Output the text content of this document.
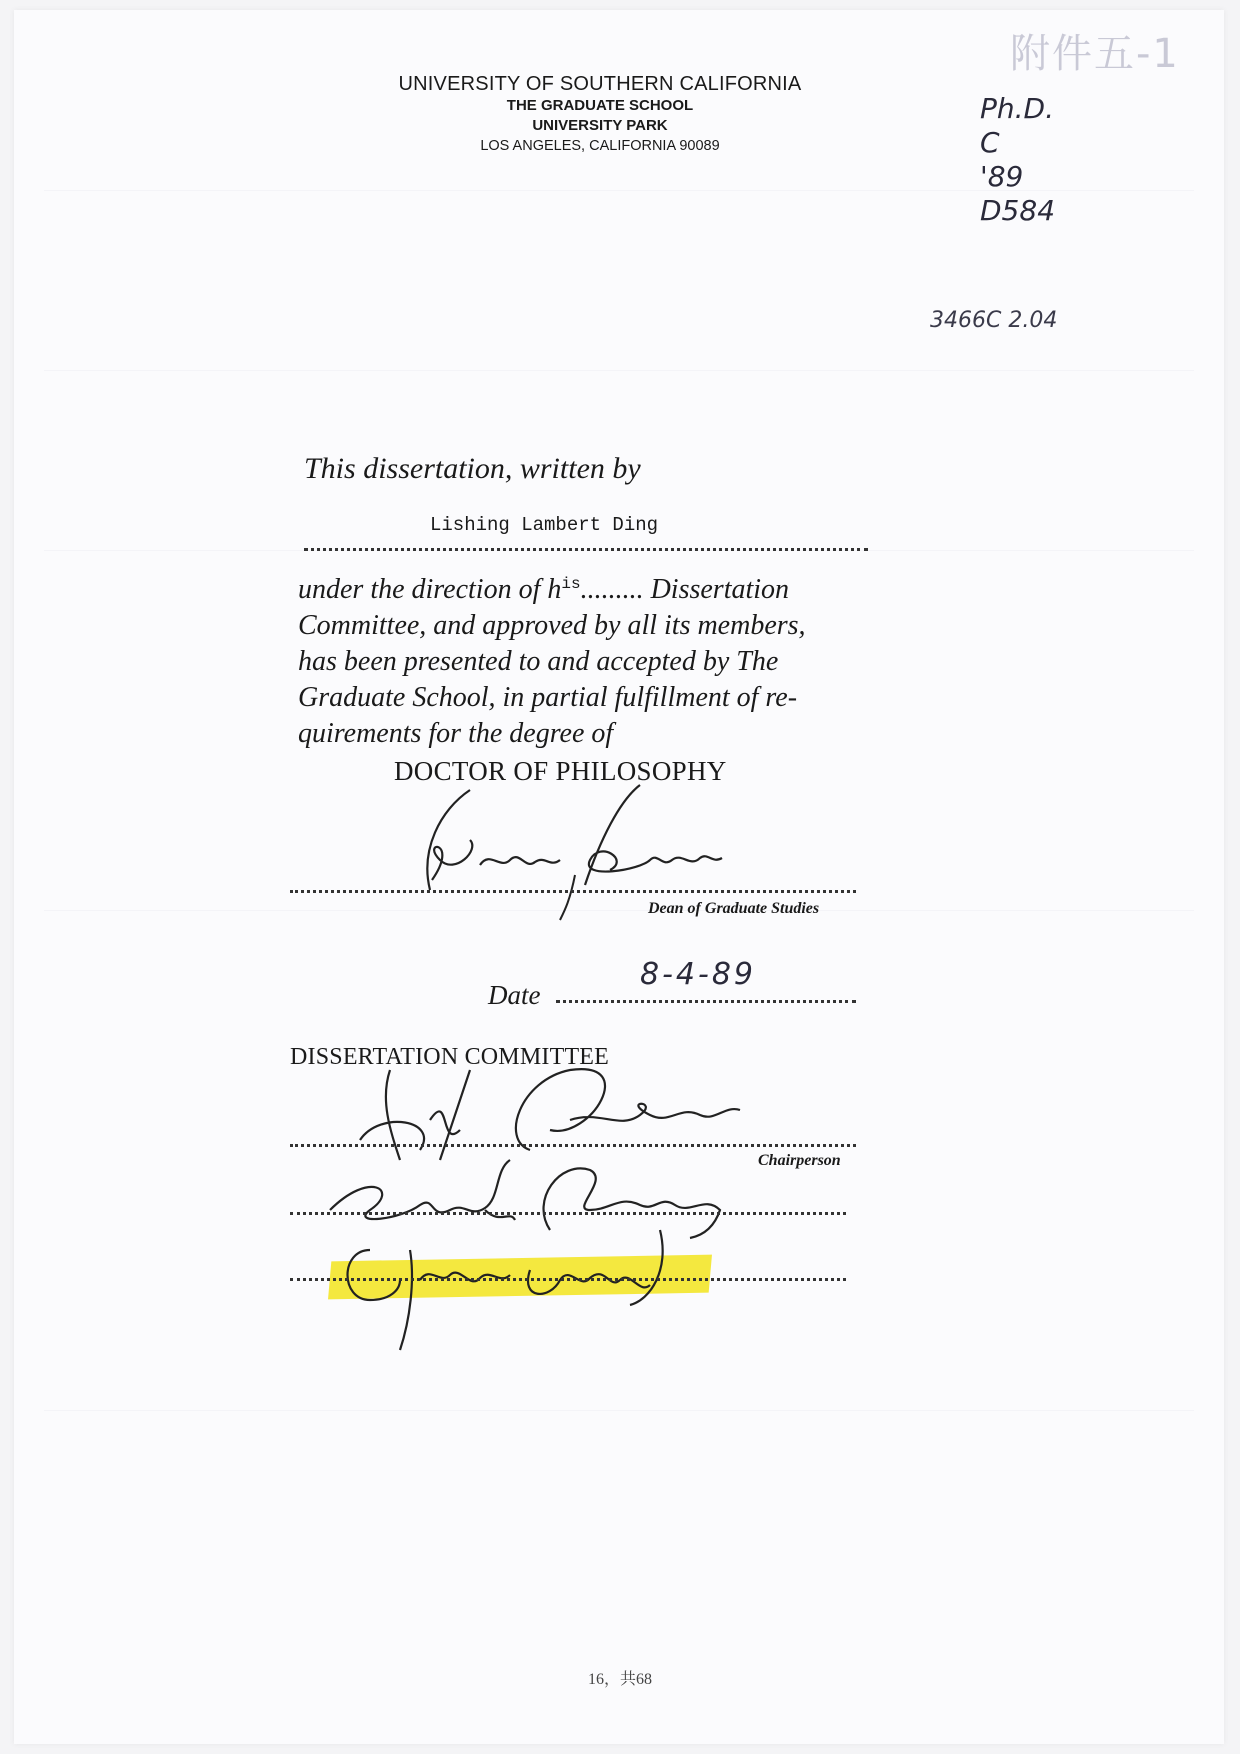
附件五-1
UNIVERSITY OF SOUTHERN CALIFORNIA
THE GRADUATE SCHOOL
UNIVERSITY PARK
LOS ANGELES, CALIFORNIA 90089
Ph.D.
C
'89
D584
3466C 2.04
This dissertation, written by
Lishing Lambert Ding
under the direction of $h^{is}$......... Dissertation
Committee, and approved by all its members,
has been presented to and accepted by The
Graduate School, in partial fulfillment of re-
quirements for the degree of
DOCTOR OF PHILOSOPHY
Dean of Graduate Studies
Date
8-4-89
DISSERTATION COMMITTEE
Chairperson
16，共68
